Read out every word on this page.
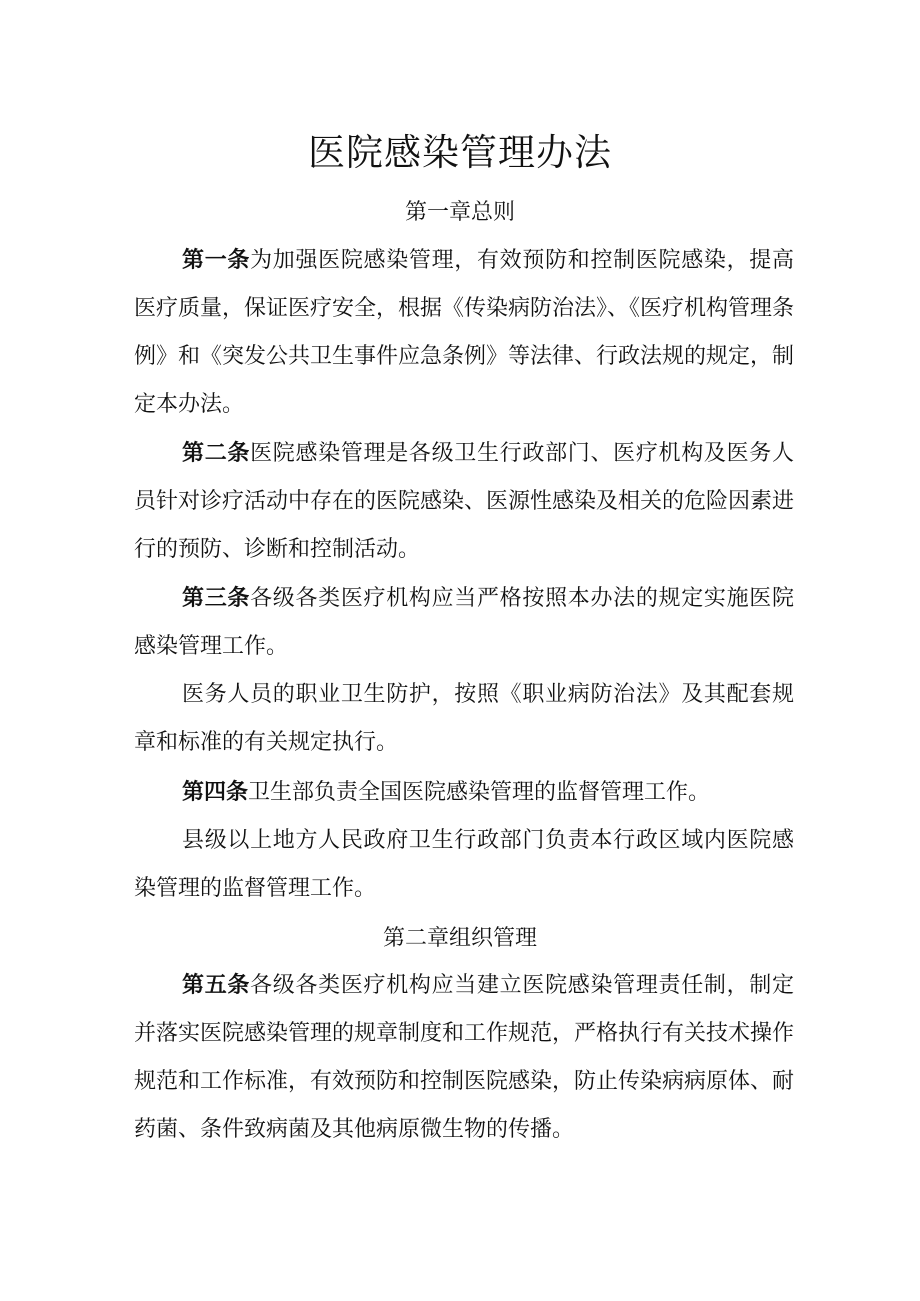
医院感染管理办法
第一章总则

第一条为加强医院感染管理，有效预防和控制医院感染，提高医疗质量，保证医疗安全，根据《传染病防治法》、《医疗机构管理条例》和《突发公共卫生事件应急条例》等法律、行政法规的规定，制定本办法。

第二条医院感染管理是各级卫生行政部门、医疗机构及医务人员针对诊疗活动中存在的医院感染、医源性感染及相关的危险因素进行的预防、诊断和控制活动。

第三条各级各类医疗机构应当严格按照本办法的规定实施医院感染管理工作。

医务人员的职业卫生防护，按照《职业病防治法》及其配套规章和标准的有关规定执行。

第四条卫生部负责全国医院感染管理的监督管理工作。

县级以上地方人民政府卫生行政部门负责本行政区域内医院感染管理的监督管理工作。

第二章组织管理

第五条各级各类医疗机构应当建立医院感染管理责任制，制定并落实医院感染管理的规章制度和工作规范，严格执行有关技术操作规范和工作标准，有效预防和控制医院感染，防止传染病病原体、耐药菌、条件致病菌及其他病原微生物的传播。
